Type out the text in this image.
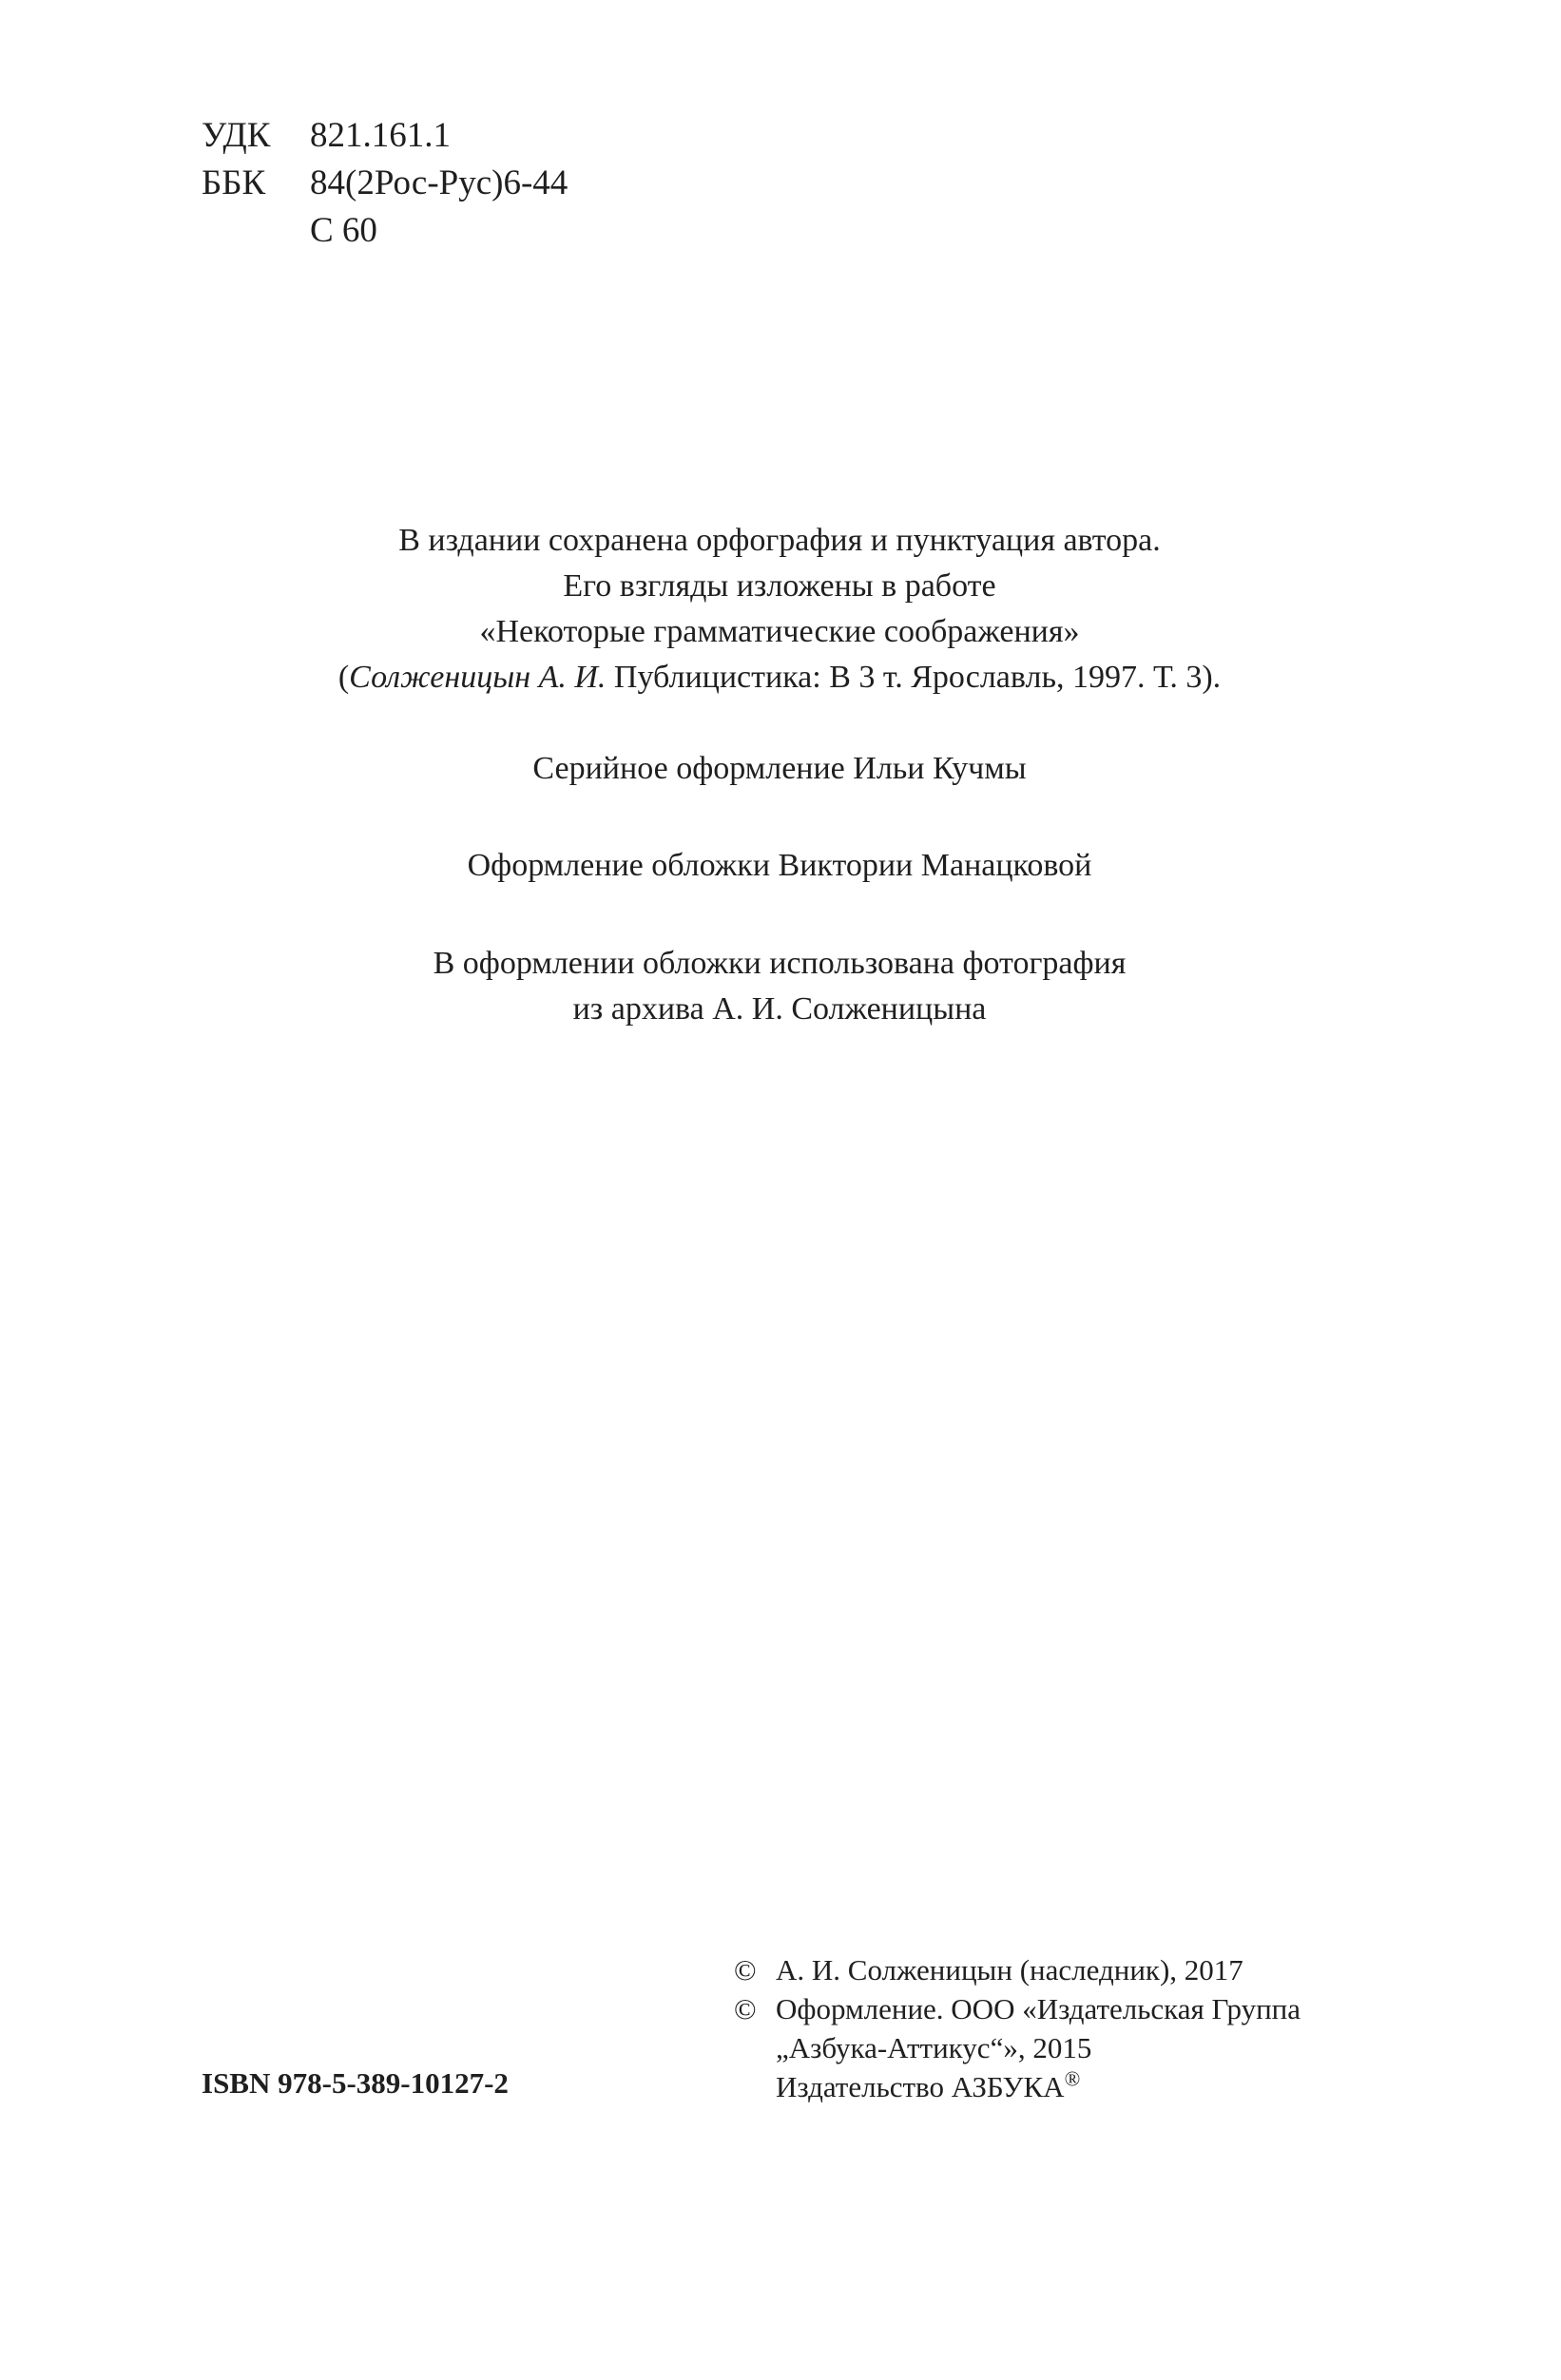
УДК	821.161.1
ББК	84(2Рос-Рус)6-44
С 60
В издании сохранена орфография и пунктуация автора.
Его взгляды изложены в работе
«Некоторые грамматические соображения»
(Солженицын А. И. Публицистика: В 3 т. Ярославль, 1997. Т. 3).
Серийное оформление Ильи Кучмы
Оформление обложки Виктории Манацковой
В оформлении обложки использована фотография
из архива А. И. Солженицына
ISBN 978-5-389-10127-2
© А. И. Солженицын (наследник), 2017
© Оформление. ООО «Издательская Группа
„Азбука-Аттикус“», 2015
Издательство АЗБУКА®
